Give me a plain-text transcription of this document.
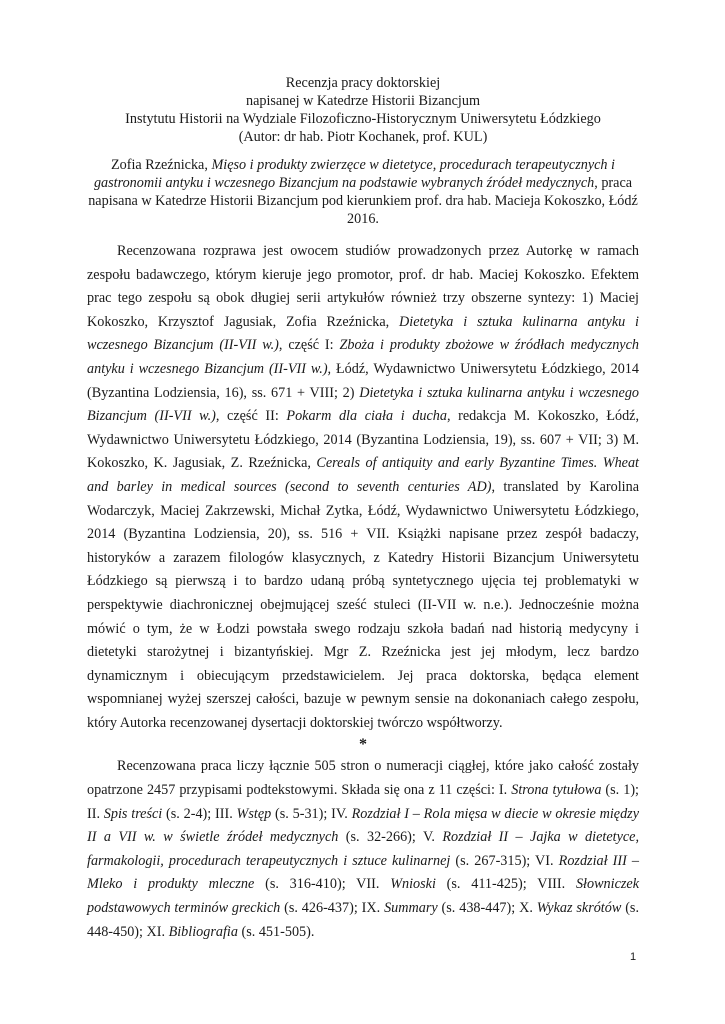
Recenzja pracy doktorskiej
napisanej w Katedrze Historii Bizancjum
Instytutu Historii na Wydziale Filozoficzno-Historycznym Uniwersytetu Łódzkiego
(Autor: dr hab. Piotr Kochanek, prof. KUL)
Zofia Rzeźnicka, Mięso i produkty zwierzęce w dietetyce, procedurach terapeutycznych i gastronomii antyku i wczesnego Bizancjum na podstawie wybranych źródeł medycznych, praca napisana w Katedrze Historii Bizancjum pod kierunkiem prof. dra hab. Macieja Kokoszko, Łódź 2016.

Recenzowana rozprawa jest owocem studiów prowadzonych przez Autorkę w ramach zespołu badawczego, którym kieruje jego promotor, prof. dr hab. Maciej Kokoszko. Efektem prac tego zespołu są obok długiej serii artykułów również trzy obszerne syntezy: 1) Maciej Kokoszko, Krzysztof Jagusiak, Zofia Rzeźnicka, Dietetyka i sztuka kulinarna antyku i wczesnego Bizancjum (II-VII w.), część I: Zboża i produkty zbożowe w źródłach medycznych antyku i wczesnego Bizancjum (II-VII w.), Łódź, Wydawnictwo Uniwersytetu Łódzkiego, 2014 (Byzantina Lodziensia, 16), ss. 671 + VIII; 2) Dietetyka i sztuka kulinarna antyku i wczesnego Bizancjum (II-VII w.), część II: Pokarm dla ciała i ducha, redakcja M. Kokoszko, Łódź, Wydawnictwo Uniwersytetu Łódzkiego, 2014 (Byzantina Lodziensia, 19), ss. 607 + VII; 3) M. Kokoszko, K. Jagusiak, Z. Rzeźnicka, Cereals of antiquity and early Byzantine Times. Wheat and barley in medical sources (second to seventh centuries AD), translated by Karolina Wodarczyk, Maciej Zakrzewski, Michał Zytka, Łódź, Wydawnictwo Uniwersytetu Łódzkiego, 2014 (Byzantina Lodziensia, 20), ss. 516 + VII. Książki napisane przez zespół badaczy, historyków a zarazem filologów klasycznych, z Katedry Historii Bizancjum Uniwersytetu Łódzkiego są pierwszą i to bardzo udaną próbą syntetycznego ujęcia tej problematyki w perspektywie diachronicznej obejmującej sześć stuleci (II-VII w. n.e.). Jednocześnie można mówić o tym, że w Łodzi powstała swego rodzaju szkoła badań nad historią medycyny i dietetyki starożytnej i bizantyńskiej. Mgr Z. Rzeźnicka jest jej młodym, lecz bardzo dynamicznym i obiecującym przedstawicielem. Jej praca doktorska, będąca element wspomnianej wyżej szerszej całości, bazuje w pewnym sensie na dokonaniach całego zespołu, który Autorka recenzowanej dysertacji doktorskiej twórczo współtworzy.

*

Recenzowana praca liczy łącznie 505 stron o numeracji ciągłej, które jako całość zostały opatrzone 2457 przypisami podtekstowymi. Składa się ona z 11 części: I. Strona tytułowa (s. 1); II. Spis treści (s. 2-4); III. Wstęp (s. 5-31); IV. Rozdział I – Rola mięsa w diecie w okresie między II a VII w. w świetle źródeł medycznych (s. 32-266); V. Rozdział II – Jajka w dietetyce, farmakologii, procedurach terapeutycznych i sztuce kulinarnej (s. 267-315); VI. Rozdział III – Mleko i produkty mleczne (s. 316-410); VII. Wnioski (s. 411-425); VIII. Słowniczek podstawowych terminów greckich (s. 426-437); IX. Summary (s. 438-447); X. Wykaz skrótów (s. 448-450); XI. Bibliografia (s. 451-505).

1
